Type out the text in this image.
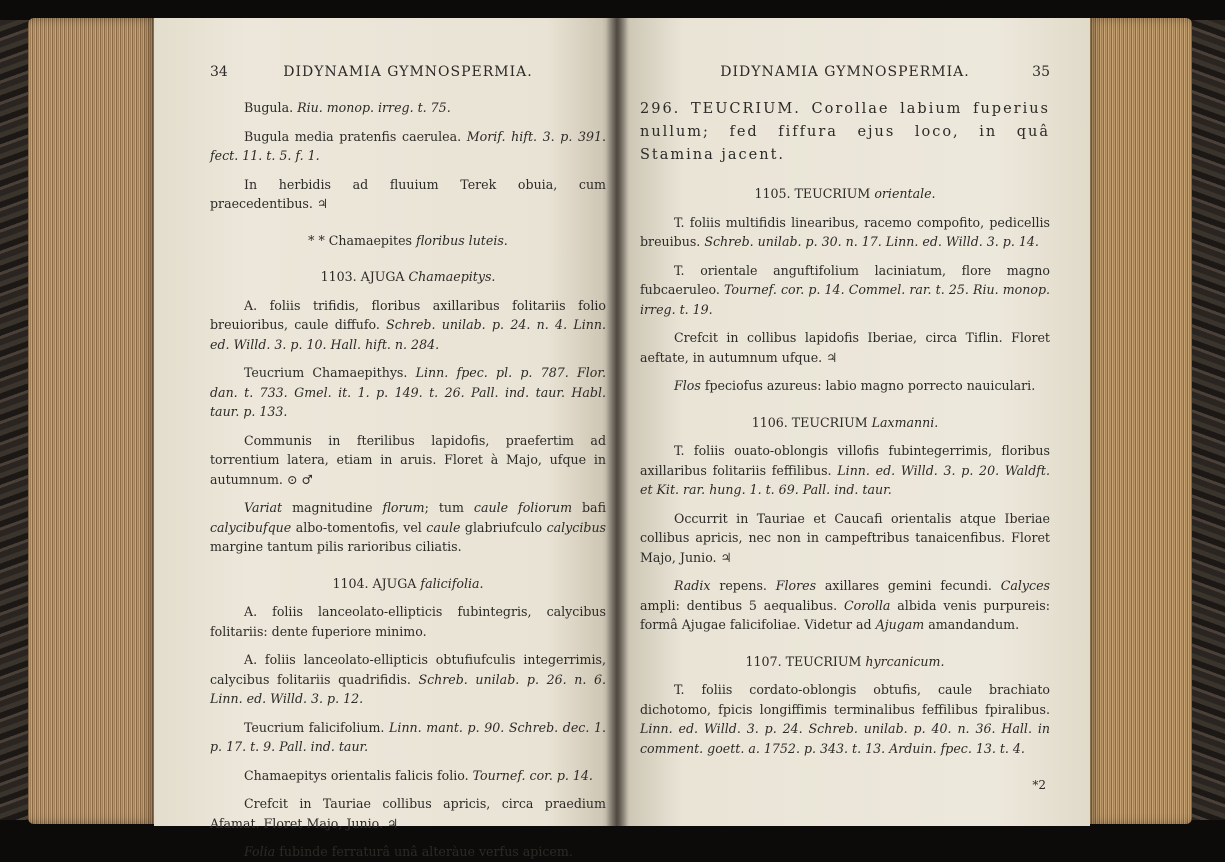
34	DIDYNAMIA GYMNOSPERMIA.

Bugula. Riu. monop. irreg. t. 75.

Bugula media pratenfis caerulea. Morif. hift. 3. p. 391. fect. 11. t. 5. f. 1.

In herbidis ad fluuium Terek obuia, cum praecedentibus. ♃

* * Chamaepites floribus luteis.

1103. AJUGA Chamaepitys.

A. foliis trifidis, floribus axillaribus folitariis folio breuioribus, caule diffufo. Schreb. unilab. p. 24. n. 4. Linn. ed. Willd. 3. p. 10. Hall. hift. n. 284.

Teucrium Chamaepithys. Linn. fpec. pl. p. 787. Flor. dan. t. 733. Gmel. it. 1. p. 149. t. 26. Pall. ind. taur. Habl. taur. p. 133.

Communis in fterilibus lapidofis, praefertim ad torrentium latera, etiam in aruis. Floret à Majo, ufque in autumnum. ⊙ ♂

Variat magnitudine florum; tum caule foliorum bafi calycibufque albo-tomentofis, vel caule glabriufculo calycibus margine tantum pilis rarioribus ciliatis.

1104. AJUGA falicifolia.

A. foliis lanceolato-ellipticis fubintegris, calycibus folitariis: dente fuperiore minimo.

A. foliis lanceolato-ellipticis obtufiufculis integerrimis, calycibus folitariis quadrifidis. Schreb. unilab. p. 26. n. 6. Linn. ed. Willd. 3. p. 12.

Teucrium falicifolium. Linn. mant. p. 90. Schreb. dec. 1. p. 17. t. 9. Pall. ind. taur.

Chamaepitys orientalis falicis folio. Tournef. cor. p. 14.

Crefcit in Tauriae collibus apricis, circa praedium Afamat. Floret Majo, Junio. ♃

Folia fubinde ferraturâ unâ alteràue verfus apicem.

DIDYNAMIA GYMNOSPERMIA.	35

296. TEUCRIUM. Corollae labium fuperius nullum; fed fiffura ejus loco, in quâ Stamina jacent.

1105. TEUCRIUM orientale.

T. foliis multifidis linearibus, racemo compofito, pedicellis breuibus. Schreb. unilab. p. 30. n. 17. Linn. ed. Willd. 3. p. 14.

T. orientale anguftifolium laciniatum, flore magno fubcaeruleo. Tournef. cor. p. 14. Commel. rar. t. 25. Riu. monop. irreg. t. 19.

Crefcit in collibus lapidofis Iberiae, circa Tiflin. Floret aeftate, in autumnum ufque. ♃

Flos fpeciofus azureus: labio magno porrecto nauiculari.

1106. TEUCRIUM Laxmanni.

T. foliis ouato-oblongis villofis fubintegerrimis, floribus axillaribus folitariis feffilibus. Linn. ed. Willd. 3. p. 20. Waldft. et Kit. rar. hung. 1. t. 69. Pall. ind. taur.

Occurrit in Tauriae et Caucafi orientalis atque Iberiae collibus apricis, nec non in campeftribus tanaicenfibus. Floret Majo, Junio. ♃

Radix repens. Flores axillares gemini fecundi. Calyces ampli: dentibus 5 aequalibus. Corolla albida venis purpureis: formâ Ajugae falicifoliae. Videtur ad Ajugam amandandum.

1107. TEUCRIUM hyrcanicum.

T. foliis cordato-oblongis obtufis, caule brachiato dichotomo, fpicis longiffimis terminalibus feffilibus fpiralibus. Linn. ed. Willd. 3. p. 24. Schreb. unilab. p. 40. n. 36. Hall. in comment. goett. a. 1752. p. 343. t. 13. Arduin. fpec. 13. t. 4.

*2
